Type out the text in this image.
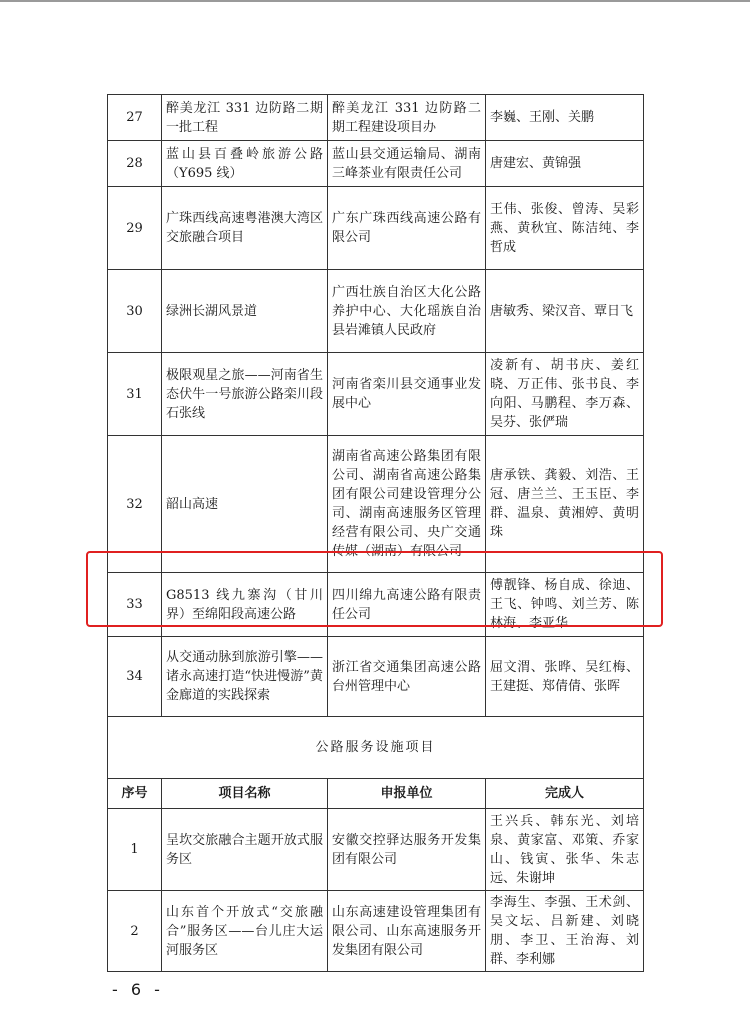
27	醉美龙江 331 边防路二期一批工程	醉美龙江 331 边防路二期工程建设项目办	李巍、王刚、关鹏
28	蓝山县百叠岭旅游公路（Y695 线）	蓝山县交通运输局、湖南三峰茶业有限责任公司	唐建宏、黄锦强
29	广珠西线高速粤港澳大湾区交旅融合项目	广东广珠西线高速公路有限公司	王伟、张俊、曾涛、吴彩燕、黄秋宜、陈洁纯、李哲成
30	绿洲长湖风景道	广西壮族自治区大化公路养护中心、大化瑶族自治县岩滩镇人民政府	唐敏秀、梁汉音、覃日飞
31	极限观星之旅——河南省生态伏牛一号旅游公路栾川段石张线	河南省栾川县交通事业发展中心	凌新有、胡书庆、姜红晓、万正伟、张书良、李向阳、马鹏程、李万森、吴芬、张俨瑞
32	韶山高速	湖南省高速公路集团有限公司、湖南省高速公路集团有限公司建设管理分公司、湖南高速服务区管理经营有限公司、央广交通传媒（湖南）有限公司	唐承铁、龚毅、刘浩、王冠、唐兰兰、王玉臣、李群、温泉、黄湘婷、黄明珠
33	G8513 线九寨沟（甘川界）至绵阳段高速公路	四川绵九高速公路有限责任公司	傅靓锋、杨自成、徐迪、王飞、钟鸣、刘兰芳、陈林海、李亚华
34	从交通动脉到旅游引擎——诸永高速打造“快进慢游”黄金廊道的实践探索	浙江省交通集团高速公路台州管理中心	屈文渭、张晔、吴红梅、王建挺、郑倩倩、张晖
公路服务设施项目			
序号	项目名称	申报单位	完成人
1	呈坎交旅融合主题开放式服务区	安徽交控驿达服务开发集团有限公司	王兴兵、韩东光、刘培泉、黄家富、邓策、乔家山、钱寅、张华、朱志远、朱谢坤
2	山东首个开放式“交旅融合”服务区——台儿庄大运河服务区	山东高速建设管理集团有限公司、山东高速服务开发集团有限公司	李海生、李强、王术剑、吴文坛、吕新建、刘晓朋、李卫、王治海、刘群、李利娜
- 6 -
